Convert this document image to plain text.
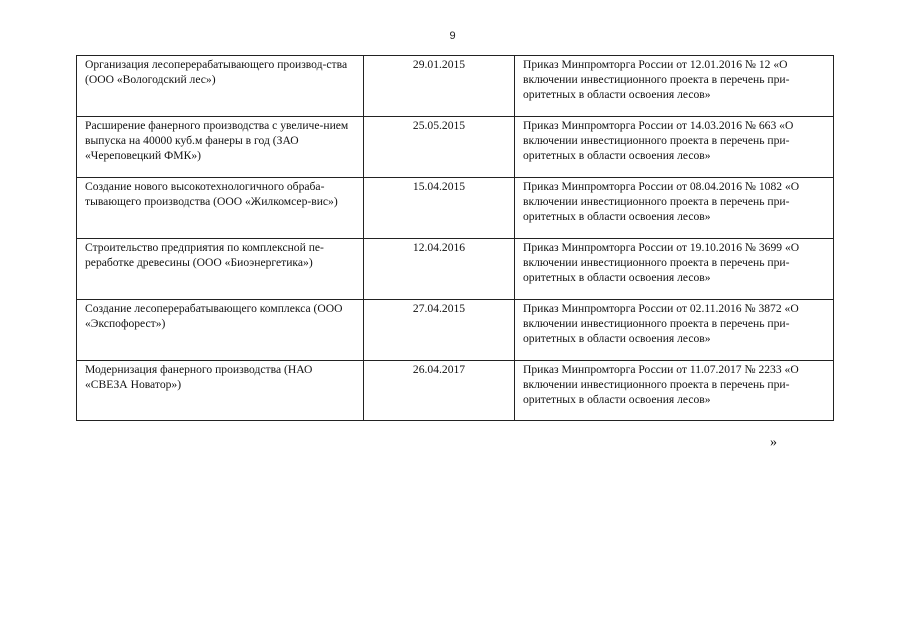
9
Организация лесоперерабатывающего производ-ства (ООО «Вологодский лес»)	29.01.2015	Приказ Минпромторга России от 12.01.2016 № 12 «О включении инвестиционного проекта в перечень при-оритетных в области освоения лесов»
Расширение фанерного производства с увеличе-нием выпуска на 40000 куб.м фанеры в год (ЗАО «Череповецкий ФМК»)	25.05.2015	Приказ Минпромторга России от 14.03.2016 № 663 «О включении инвестиционного проекта в перечень при-оритетных в области освоения лесов»
Создание нового высокотехнологичного обраба-тывающего производства (ООО «Жилкомсер-вис»)	15.04.2015	Приказ Минпромторга России от 08.04.2016 № 1082 «О включении инвестиционного проекта в перечень при-оритетных в области освоения лесов»
Строительство предприятия по комплексной пе-реработке древесины (ООО «Биоэнергетика»)	12.04.2016	Приказ Минпромторга России от 19.10.2016 № 3699 «О включении инвестиционного проекта в перечень при-оритетных в области освоения лесов»
Создание лесоперерабатывающего комплекса (ООО «Экспофорест»)	27.04.2015	Приказ Минпромторга России от 02.11.2016 № 3872 «О включении инвестиционного проекта в перечень при-оритетных в области освоения лесов»
Модернизация фанерного производства (НАО «СВЕЗА Новатор»)	26.04.2017	Приказ Минпромторга России от 11.07.2017 № 2233 «О включении инвестиционного проекта в перечень при-оритетных в области освоения лесов»
»
